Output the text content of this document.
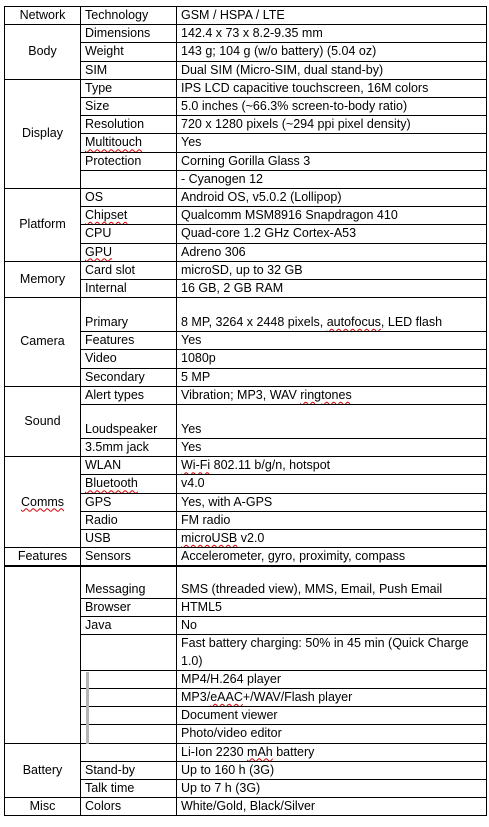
Network	Technology	GSM / HSPA / LTE
Body	Dimensions	142.4 x 73 x 8.2-9.35 mm
	Weight	143 g; 104 g (w/o battery) (5.04 oz)
	SIM	Dual SIM (Micro-SIM, dual stand-by)
Display	Type	IPS LCD capacitive touchscreen, 16M colors
	Size	5.0 inches (~66.3% screen-to-body ratio)
	Resolution	720 x 1280 pixels (~294 ppi pixel density)
	Multitouch	Yes
	Protection	Corning Gorilla Glass 3
		- Cyanogen 12
Platform	OS	Android OS, v5.0.2 (Lollipop)
	Chipset	Qualcomm MSM8916 Snapdragon 410
	CPU	Quad-core 1.2 GHz Cortex-A53
	GPU	Adreno 306
Memory	Card slot	microSD, up to 32 GB
	Internal	16 GB, 2 GB RAM
Camera	Primary	8 MP, 3264 x 2448 pixels, autofocus, LED flash
	Features	Yes
	Video	1080p
	Secondary	5 MP
Sound	Alert types	Vibration; MP3, WAV ringtones
	Loudspeaker	Yes
	3.5mm jack	Yes
Comms	WLAN	Wi-Fi 802.11 b/g/n, hotspot
	Bluetooth	v4.0
	GPS	Yes, with A-GPS
	Radio	FM radio
	USB	microUSB v2.0
Features	Sensors	Accelerometer, gyro, proximity, compass
	Messaging	SMS (threaded view), MMS, Email, Push Email
	Browser	HTML5
	Java	No
		Fast battery charging: 50% in 45 min (Quick Charge 1.0)
		MP4/H.264 player
		MP3/eAAC+/WAV/Flash player
		Document viewer
		Photo/video editor
Battery		Li-Ion 2230 mAh battery
	Stand-by	Up to 160 h (3G)
	Talk time	Up to 7 h (3G)
Misc	Colors	White/Gold, Black/Silver
